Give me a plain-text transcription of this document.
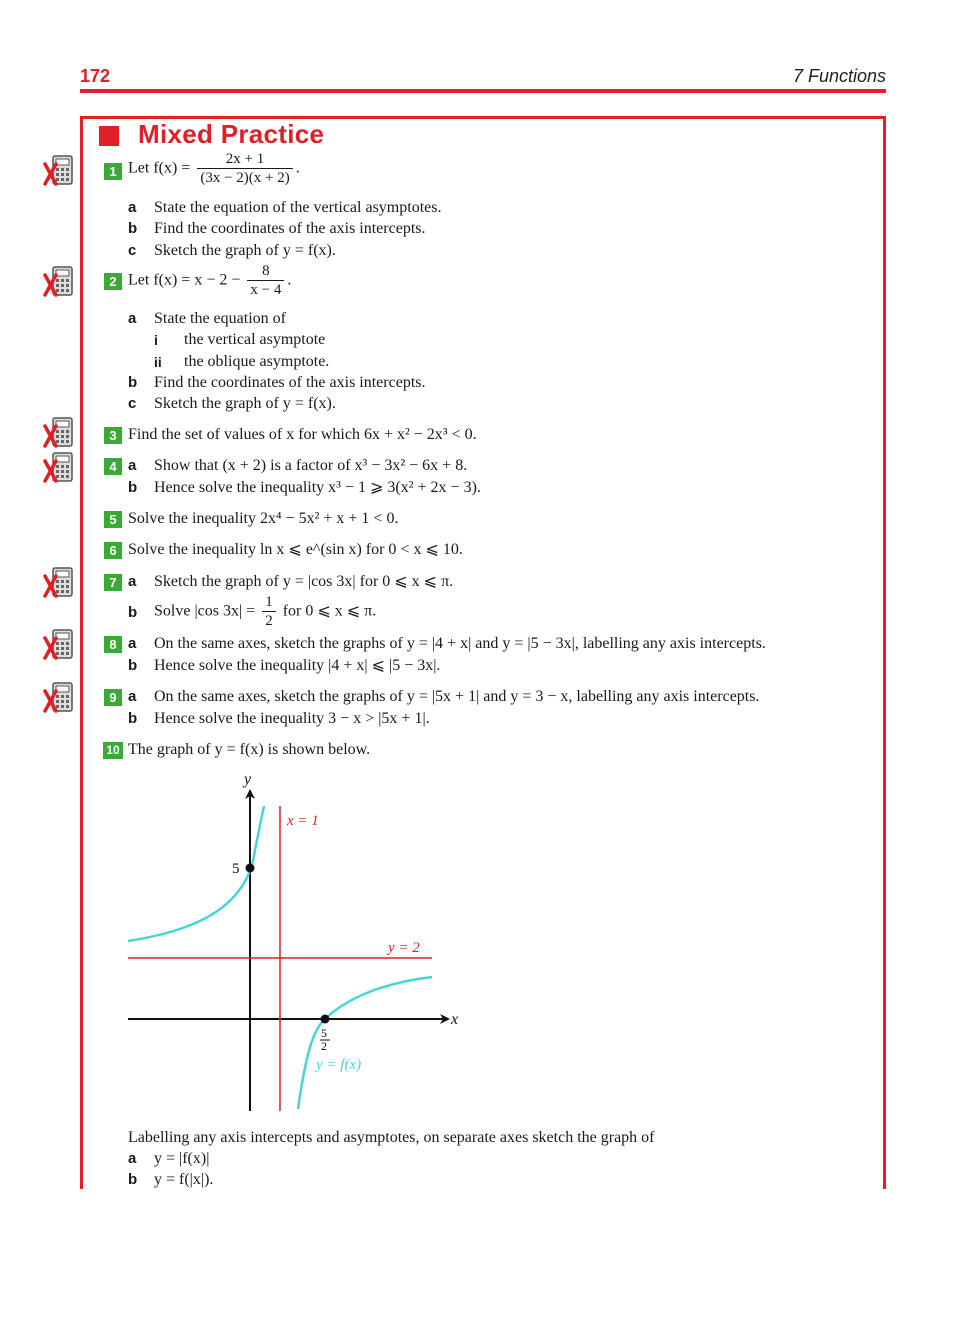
172	7 Functions
Mixed Practice
1 Let $f(x) = \frac{2x + 1}{(3x - 2)(x + 2)}$ .
a State the equation of the vertical asymptotes.
b Find the coordinates of the axis intercepts.
c Sketch the graph of y = f(x).
2 Let $f(x) = x - 2 - \frac{8}{x - 4}$ .
a State the equation of
i the vertical asymptote
ii the oblique asymptote.
b Find the coordinates of the axis intercepts.
c Sketch the graph of y = f(x).
3 Find the set of values of x for which 6x + x² − 2x³ < 0.
4 a Show that (x + 2) is a factor of x³ − 3x² − 6x + 8.
b Hence solve the inequality x³ − 1 ⩾ 3(x² + 2x − 3).
5 Solve the inequality 2x⁴ − 5x² + x + 1 < 0.
6 Solve the inequality ln x ⩽ e^(sin x) for 0 < x ⩽ 10.
7 a Sketch the graph of y = |cos 3x| for 0 ⩽ x ⩽ π.
b Solve |cos $3x| = \frac{1}{2}$ for 0 ⩽ x ⩽ π.
8 a On the same axes, sketch the graphs of y = |4 + x| and y = |5 − 3x|, labelling any axis intercepts.
b Hence solve the inequality |4 + x| ⩽ |5 − 3x|.
9 a On the same axes, sketch the graphs of y = |5x + 1| and y = 3 − x, labelling any axis intercepts.
b Hence solve the inequality 3 − x > |5x + 1|.
10 The graph of y = f(x) is shown below.
y
x
x = 1
y = 2
5
5
2
y = f(x)
Labelling any axis intercepts and asymptotes, on separate axes sketch the graph of
a y = |f(x)|
b y = f(|x|).
